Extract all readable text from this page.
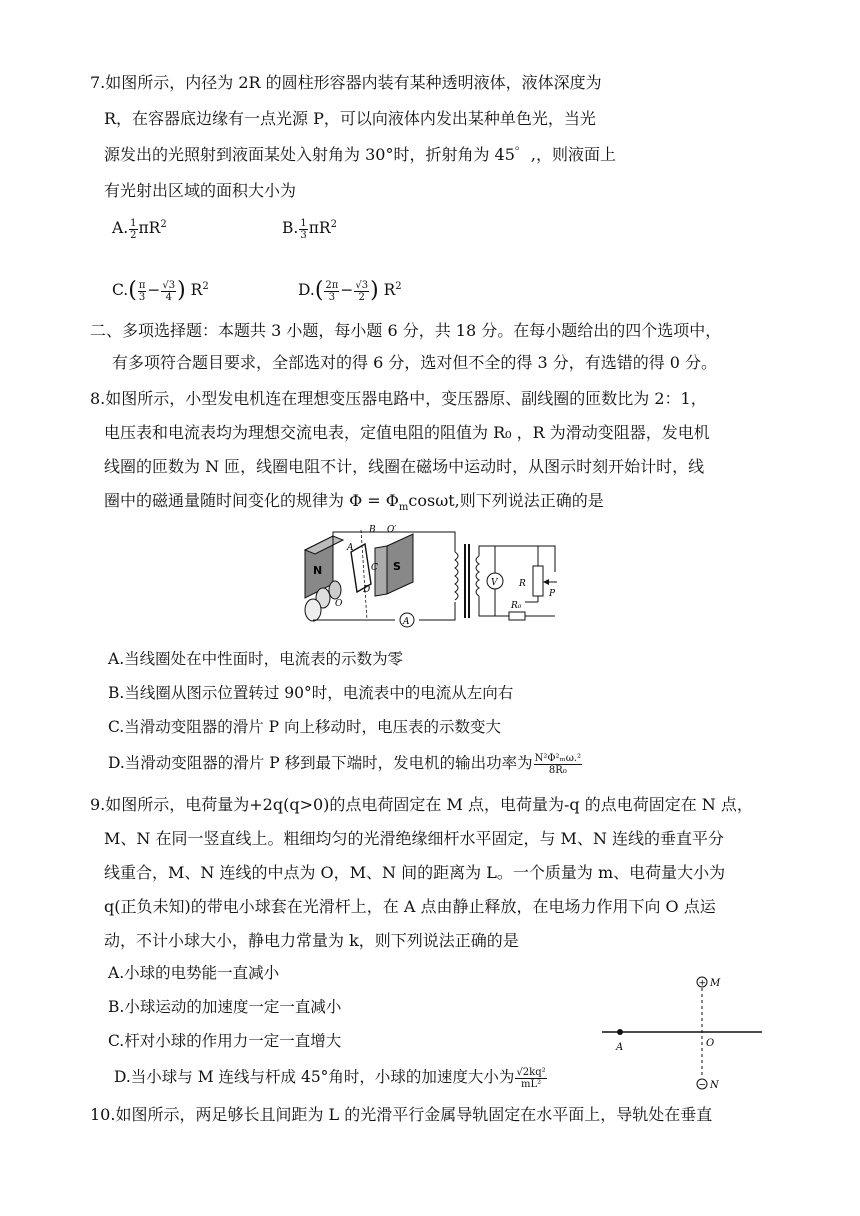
7.如图所示，内径为 2R 的圆柱形容器内装有某种透明液体，液体深度为
R，在容器底边缘有一点光源 P，可以向液体内发出某种单色光，当光
源发出的光照射到液面某处入射角为 30°时，折射角为 45゜,，则液面上
有光射出区域的面积大小为
A. $\frac{1}{2} \pi R^2$	B. $\frac{1}{3} \pi R^2$
$C.( \frac{\pi}{3} - \frac{√3}{4}$ ) $R^2$	$D.( \frac{2\pi}{3} - \frac{√3}{2}$ ) $R^2$
二、多项选择题：本题共 3 小题，每小题 6 分，共 18 分。在每小题给出的四个选项中，
有多项符合题目要求，全部选对的得 6 分，选对但不全的得 3 分，有选错的得 0 分。
8.如图所示，小型发电机连在理想变压器电路中，变压器原、副线圈的匝数比为 2：1，
电压表和电流表均为理想交流电表，定值电阻的阻值为 R₀ ，R 为滑动变阻器，发电机
线圈的匝数为 N 匝，线圈电阻不计，线圈在磁场中运动时，从图示时刻开始计时，线
圈中的磁通量随时间变化的规律为 $\Phi = \Phi_m\cos\omega t$,则下列说法正确的是
N	S
A
B
C
D
O
O′
A
V R
P
R₀
A.当线圈处在中性面时，电流表的示数为零
B.当线圈从图示位置转过 90°时，电流表中的电流从左向右
C.当滑动变阻器的滑片 P 向上移动时，电压表的示数变大
D.当滑动变阻器的滑片 P 移到最下端时，发电机的输出功率为 $\frac{\text{N²Φ²ₘω.²}}{\text{8R₀}}$
9.如图所示，电荷量为+2q(q>0)的点电荷固定在 M 点，电荷量为-q 的点电荷固定在 N 点，
M、N 在同一竖直线上。粗细均匀的光滑绝缘细杆水平固定，与 M、N 连线的垂直平分
线重合，M、N 连线的中点为 O，M、N 间的距离为 L。一个质量为 m、电荷量大小为
q(正负未知)的带电小球套在光滑杆上，在 A 点由静止释放，在电场力作用下向 O 点运
动，不计小球大小，静电力常量为 k，则下列说法正确的是
A.小球的电势能一直减小
B.小球运动的加速度一定一直减小
C.杆对小球的作用力一定一直增大
D.当小球与 M 连线与杆成 45°角时，小球的加速度大小为 $\frac{\text{√2kq²}}{\text{mL²}}$
+ M
− N
A	O
10.如图所示，两足够长且间距为 L 的光滑平行金属导轨固定在水平面上，导轨处在垂直
